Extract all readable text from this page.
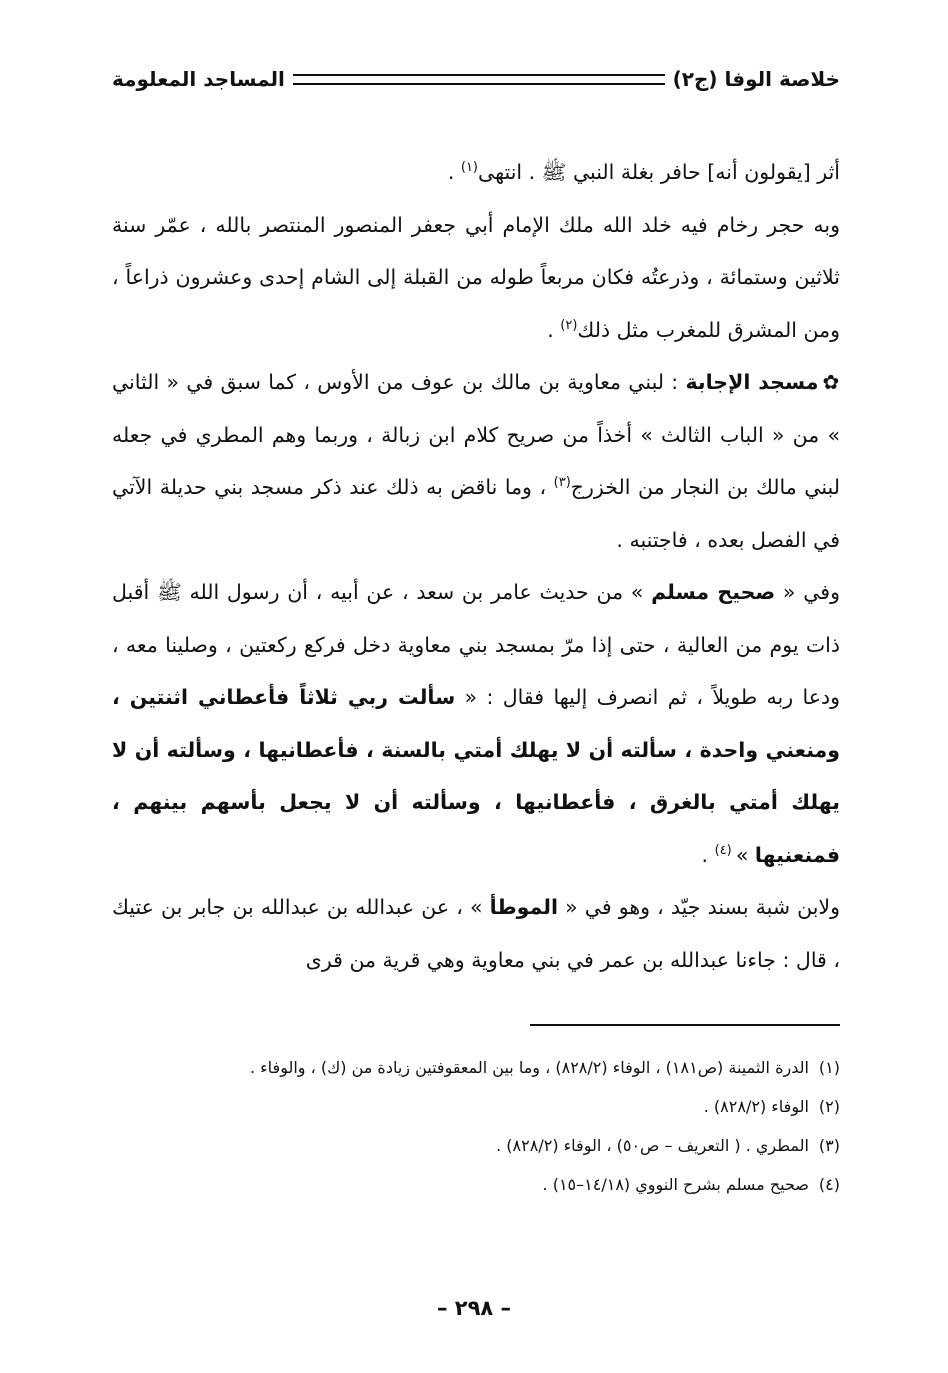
خلاصة الوفا (ج٢)
المساجد المعلومة

أثر [يقولون أنه] حافر بغلة النبي ﷺ . انتهى$^{(١)}$ .

وبه حجر رخام فيه خلد الله ملك الإمام أبي جعفر المنصور المنتصر بالله ، عمّر سنة ثلاثين وستمائة ، وذرعتُه فكان مربعاً طوله من القبلة إلى الشام إحدى وعشرون ذراعاً ، ومن المشرق للمغرب مثل ذلك$^{(٢)}$ .

✿مسجد الإجابة : لبني معاوية بن مالك بن عوف من الأوس ، كما سبق في « الثاني » من « الباب الثالث » أخذاً من صريح كلام ابن زبالة ، وربما وهم المطري في جعله لبني مالك بن النجار من الخزرج$^{(٣)}$ ، وما ناقض به ذلك عند ذكر مسجد بني حديلة الآتي في الفصل بعده ، فاجتنبه .

وفي « صحيح مسلم » من حديث عامر بن سعد ، عن أبيه ، أن رسول الله ﷺ أقبل ذات يوم من العالية ، حتى إذا مرّ بمسجد بني معاوية دخل فركع ركعتين ، وصلينا معه ، ودعا ربه طويلاً ، ثم انصرف إليها فقال : « سألت ربي ثلاثاً فأعطاني اثنتين ، ومنعني واحدة ، سألته أن لا يهلك أمتي بالسنة ، فأعطانيها ، وسألته أن لا يهلك أمتي بالغرق ، فأعطانيها ، وسألته أن لا يجعل بأسهم بينهم ، فمنعنيها » $^{(٤)}$ .

ولابن شبة بسند جيّد ، وهو في « الموطأ » ، عن عبدالله بن عبدالله بن جابر بن عتيك ، قال : جاءنا عبدالله بن عمر في بني معاوية وهي قرية من قرى

(١)الدرة الثمينة (ص١٨١) ، الوفاء (٨٢٨/٢) ، وما بين المعقوفتين زيادة من (ك) ، والوفاء .
(٢)الوفاء (٨٢٨/٢) .
(٣)المطري . ( التعريف – ص٥٠) ، الوفاء (٨٢٨/٢) .
(٤)صحيح مسلم بشرح النووي (١٤/١٨–١٥) .
– ٢٩٨ –
